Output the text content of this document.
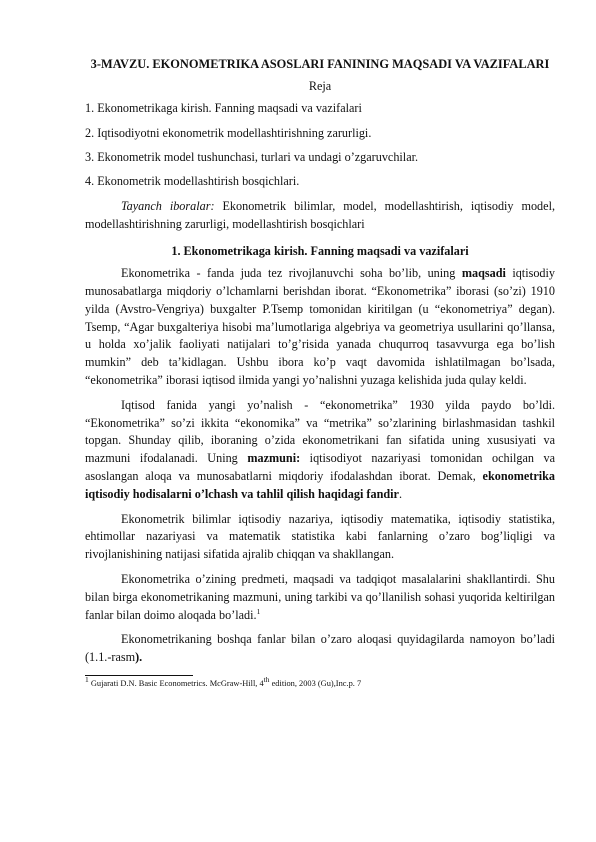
3-MAVZU. EKONOMETRIKA ASOSLARI FANINING MAQSADI VA VAZIFALARI
Reja

1. Ekonometrikaga kirish. Fanning maqsadi va vazifalari

2. Iqtisodiyotni ekonometrik modellashtirishning zarurligi.

3. Ekonometrik model tushunchasi, turlari va undagi o’zgaruvchilar.

4. Ekonometrik modellashtirish bosqichlari.

Tayanch iboralar: Ekonometrik bilimlar, model, modellashtirish, iqtisodiy model, modellashtirishning zarurligi, modellashtirish bosqichlari

1. Ekonometrikaga kirish. Fanning maqsadi va vazifalari

Ekonometrika - fanda juda tez rivojlanuvchi soha bo’lib, uning maqsadi iqtisodiy munosabatlarga miqdoriy o’lchamlarni berishdan iborat. “Ekonometrika” iborasi (so’zi) 1910 yilda (Avstro-Vengriya) buxgalter P.Tsemp tomonidan kiritilgan (u “ekonometriya” degan). Tsemp, “Agar buxgalteriya hisobi ma’lumotlariga algebriya va geometriya usullarini qo’llansa, u holda xo’jalik faoliyati natijalari to’g’risida yanada chuqurroq tasavvurga ega bo’lish mumkin” deb ta’kidlagan. Ushbu ibora ko’p vaqt davomida ishlatilmagan bo’lsada, “ekonometrika” iborasi iqtisod ilmida yangi yo’nalishni yuzaga kelishida juda qulay keldi.

Iqtisod fanida yangi yo’nalish - “ekonometrika” 1930 yilda paydo bo’ldi. “Ekonometrika” so’zi ikkita “ekonomika” va “metrika” so’zlarining birlashmasidan tashkil topgan. Shunday qilib, iboraning o’zida ekonometrikani fan sifatida uning xususiyati va mazmuni ifodalanadi. Uning mazmuni: iqtisodiyot nazariyasi tomonidan ochilgan va asoslangan aloqa va munosabatlarni miqdoriy ifodalashdan iborat. Demak, ekonometrika iqtisodiy hodisalarni o’lchash va tahlil qilish haqidagi fandir.

Ekonometrik bilimlar iqtisodiy nazariya, iqtisodiy matematika, iqtisodiy statistika, ehtimollar nazariyasi va matematik statistika kabi fanlarning o’zaro bog’liqligi va rivojlanishining natijasi sifatida ajralib chiqqan va shakllangan.

Ekonometrika o’zining predmeti, maqsadi va tadqiqot masalalarini shakllantirdi. Shu bilan birga ekonometrikaning mazmuni, uning tarkibi va qo’llanilish sohasi yuqorida keltirilgan fanlar bilan doimo aloqada bo’ladi.$^1$

Ekonometrikaning boshqa fanlar bilan o’zaro aloqasi quyidagilarda namoyon bo’ladi (1.1.-rasm).

$^1$ Gujarati D.N. Basic Econometrics. McGraw-Hill, 4th edition, 2003 (Gu),Inc.p. 7
